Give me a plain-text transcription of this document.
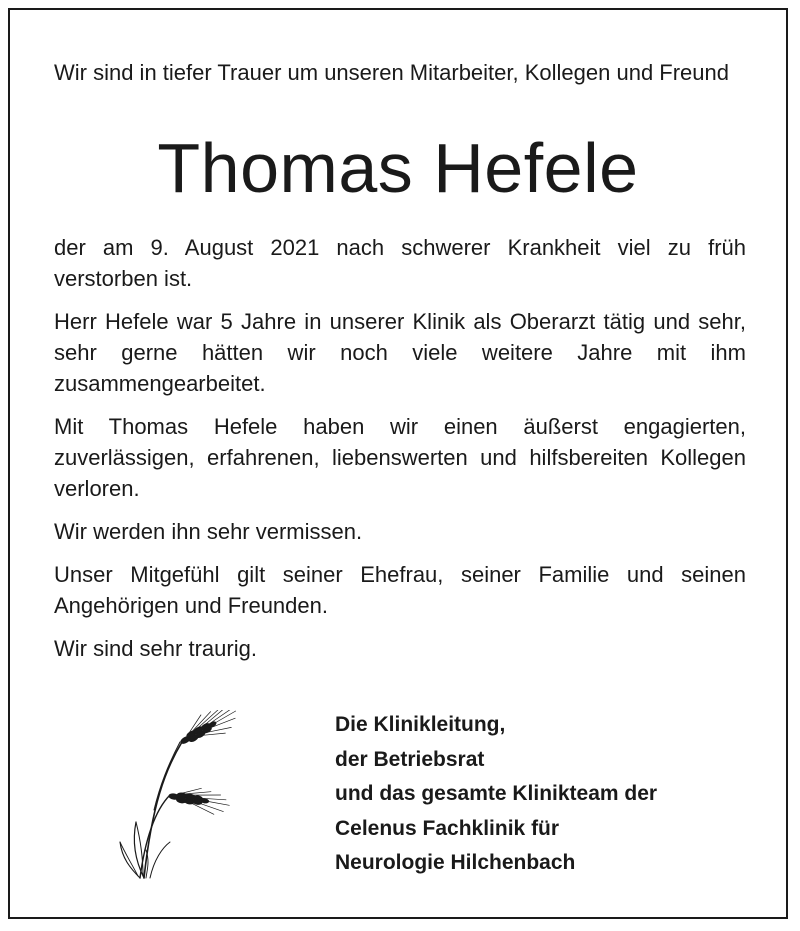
Wir sind in tiefer Trauer um unseren Mitarbeiter, Kollegen und Freund

Thomas Hefele

der am 9. August 2021 nach schwerer Krankheit viel zu früh verstorben ist.

Herr Hefele war 5 Jahre in unserer Klinik als Oberarzt tätig und sehr, sehr gerne hätten wir noch viele weitere Jahre mit ihm zusammengearbeitet.

Mit Thomas Hefele haben wir einen äußerst engagierten, zuverlässigen, erfahrenen, liebenswerten und hilfsbereiten Kollegen verloren.

Wir werden ihn sehr vermissen.

Unser Mitgefühl gilt seiner Ehefrau, seiner Familie und seinen Angehörigen und Freunden.

Wir sind sehr traurig.

Die Klinikleitung,
der Betriebsrat
und das gesamte Klinikteam der
Celenus Fachklinik für
Neurologie Hilchenbach
